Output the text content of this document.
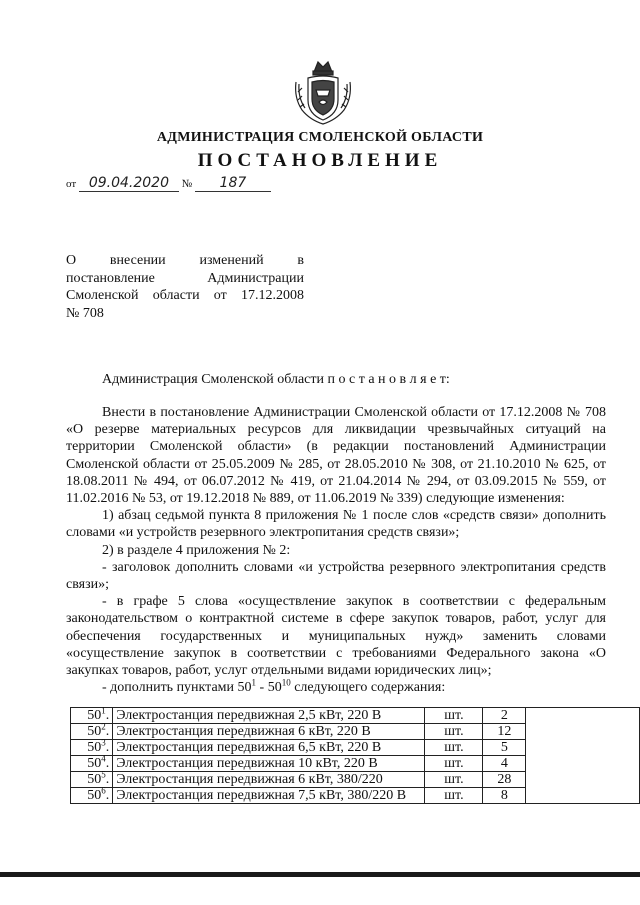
АДМИНИСТРАЦИЯ СМОЛЕНСКОЙ ОБЛАСТИ
ПОСТАНОВЛЕНИЕ
от 09.04.2020 № 187
О внесении изменений в
постановление Администрации
Смоленской области от 17.12.2008
№ 708
Администрация Смоленской области п о с т а н о в л я е т:

Внести в постановление Администрации Смоленской области от 17.12.2008 № 708 «О резерве материальных ресурсов для ликвидации чрезвычайных ситуаций на территории Смоленской области» (в редакции постановлений Администрации Смоленской области от 25.05.2009 № 285, от 28.05.2010 № 308, от 21.10.2010 № 625, от 18.08.2011 № 494, от 06.07.2012 № 419, от 21.04.2014 № 294, от 03.09.2015 № 559, от 11.02.2016 № 53, от 19.12.2018 № 889, от 11.06.2019 № 339) следующие изменения:

1) абзац седьмой пункта 8 приложения № 1 после слов «средств связи» дополнить словами «и устройств резервного электропитания средств связи»;

2) в разделе 4 приложения № 2:

- заголовок дополнить словами «и устройства резервного электропитания средств связи»;

- в графе 5 слова «осуществление закупок в соответствии с федеральным законодательством о контрактной системе в сфере закупок товаров, работ, услуг для обеспечения государственных и муниципальных нужд» заменить словами «осуществление закупок в соответствии с требованиями Федерального закона «О закупках товаров, работ, услуг отдельными видами юридических лиц»;

- дополнить пунктами $50^1 - 50^{10}$ следующего содержания:

$50^1$.	Электростанция передвижная 2,5 кВт, 220 В	шт.	2	
$50^2$.	Электростанция передвижная 6 кВт, 220 В	шт.	12	
$50^3$.	Электростанция передвижная 6,5 кВт, 220 В	шт.	5	
$50^4$.	Электростанция передвижная 10 кВт, 220 В	шт.	4	
$50^5$.	Электростанция передвижная 6 кВт, 380/220	шт.	28	
$50^6$.	Электростанция передвижная 7,5 кВт, 380/220 В	шт.	8	
